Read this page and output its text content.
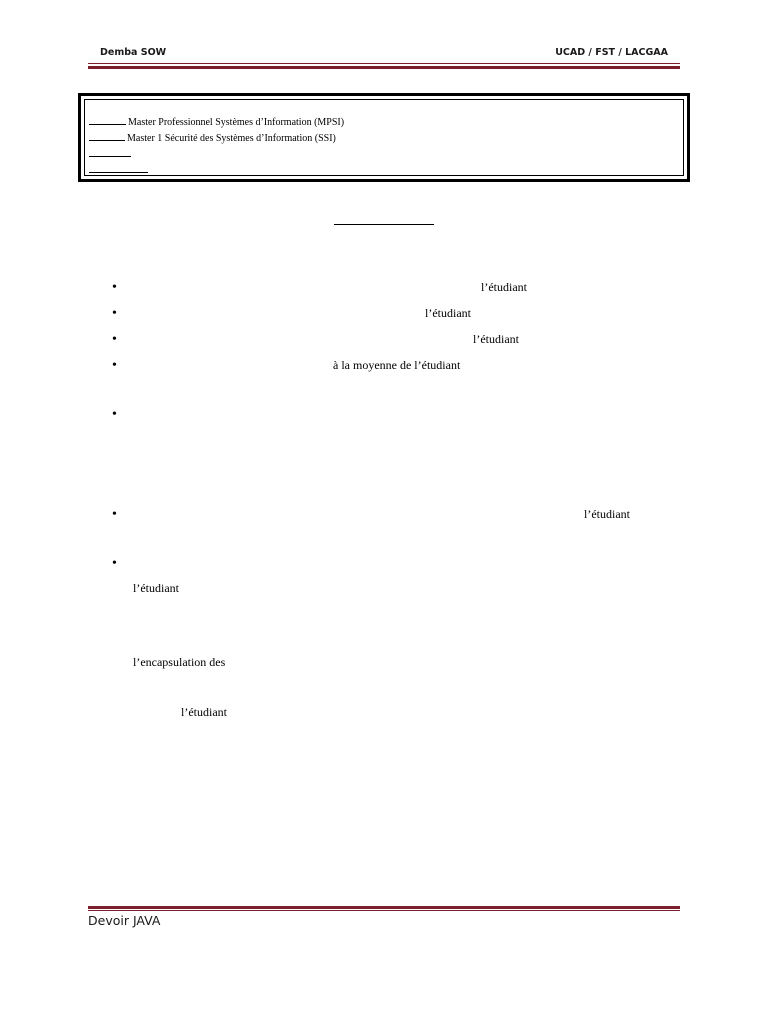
Demba SOW	UCAD / FST / LACGAA
Master Professionnel Systèmes d’Information (MPSI)
Master 1 Sécurité des Systèmes d’Information (SSI)
•	l’étudiant
•	l’étudiant
•	l’étudiant
•	à la moyenne de l’étudiant
•
•	l’étudiant
•
l’étudiant
l’encapsulation des
l’étudiant
Devoir JAVA
